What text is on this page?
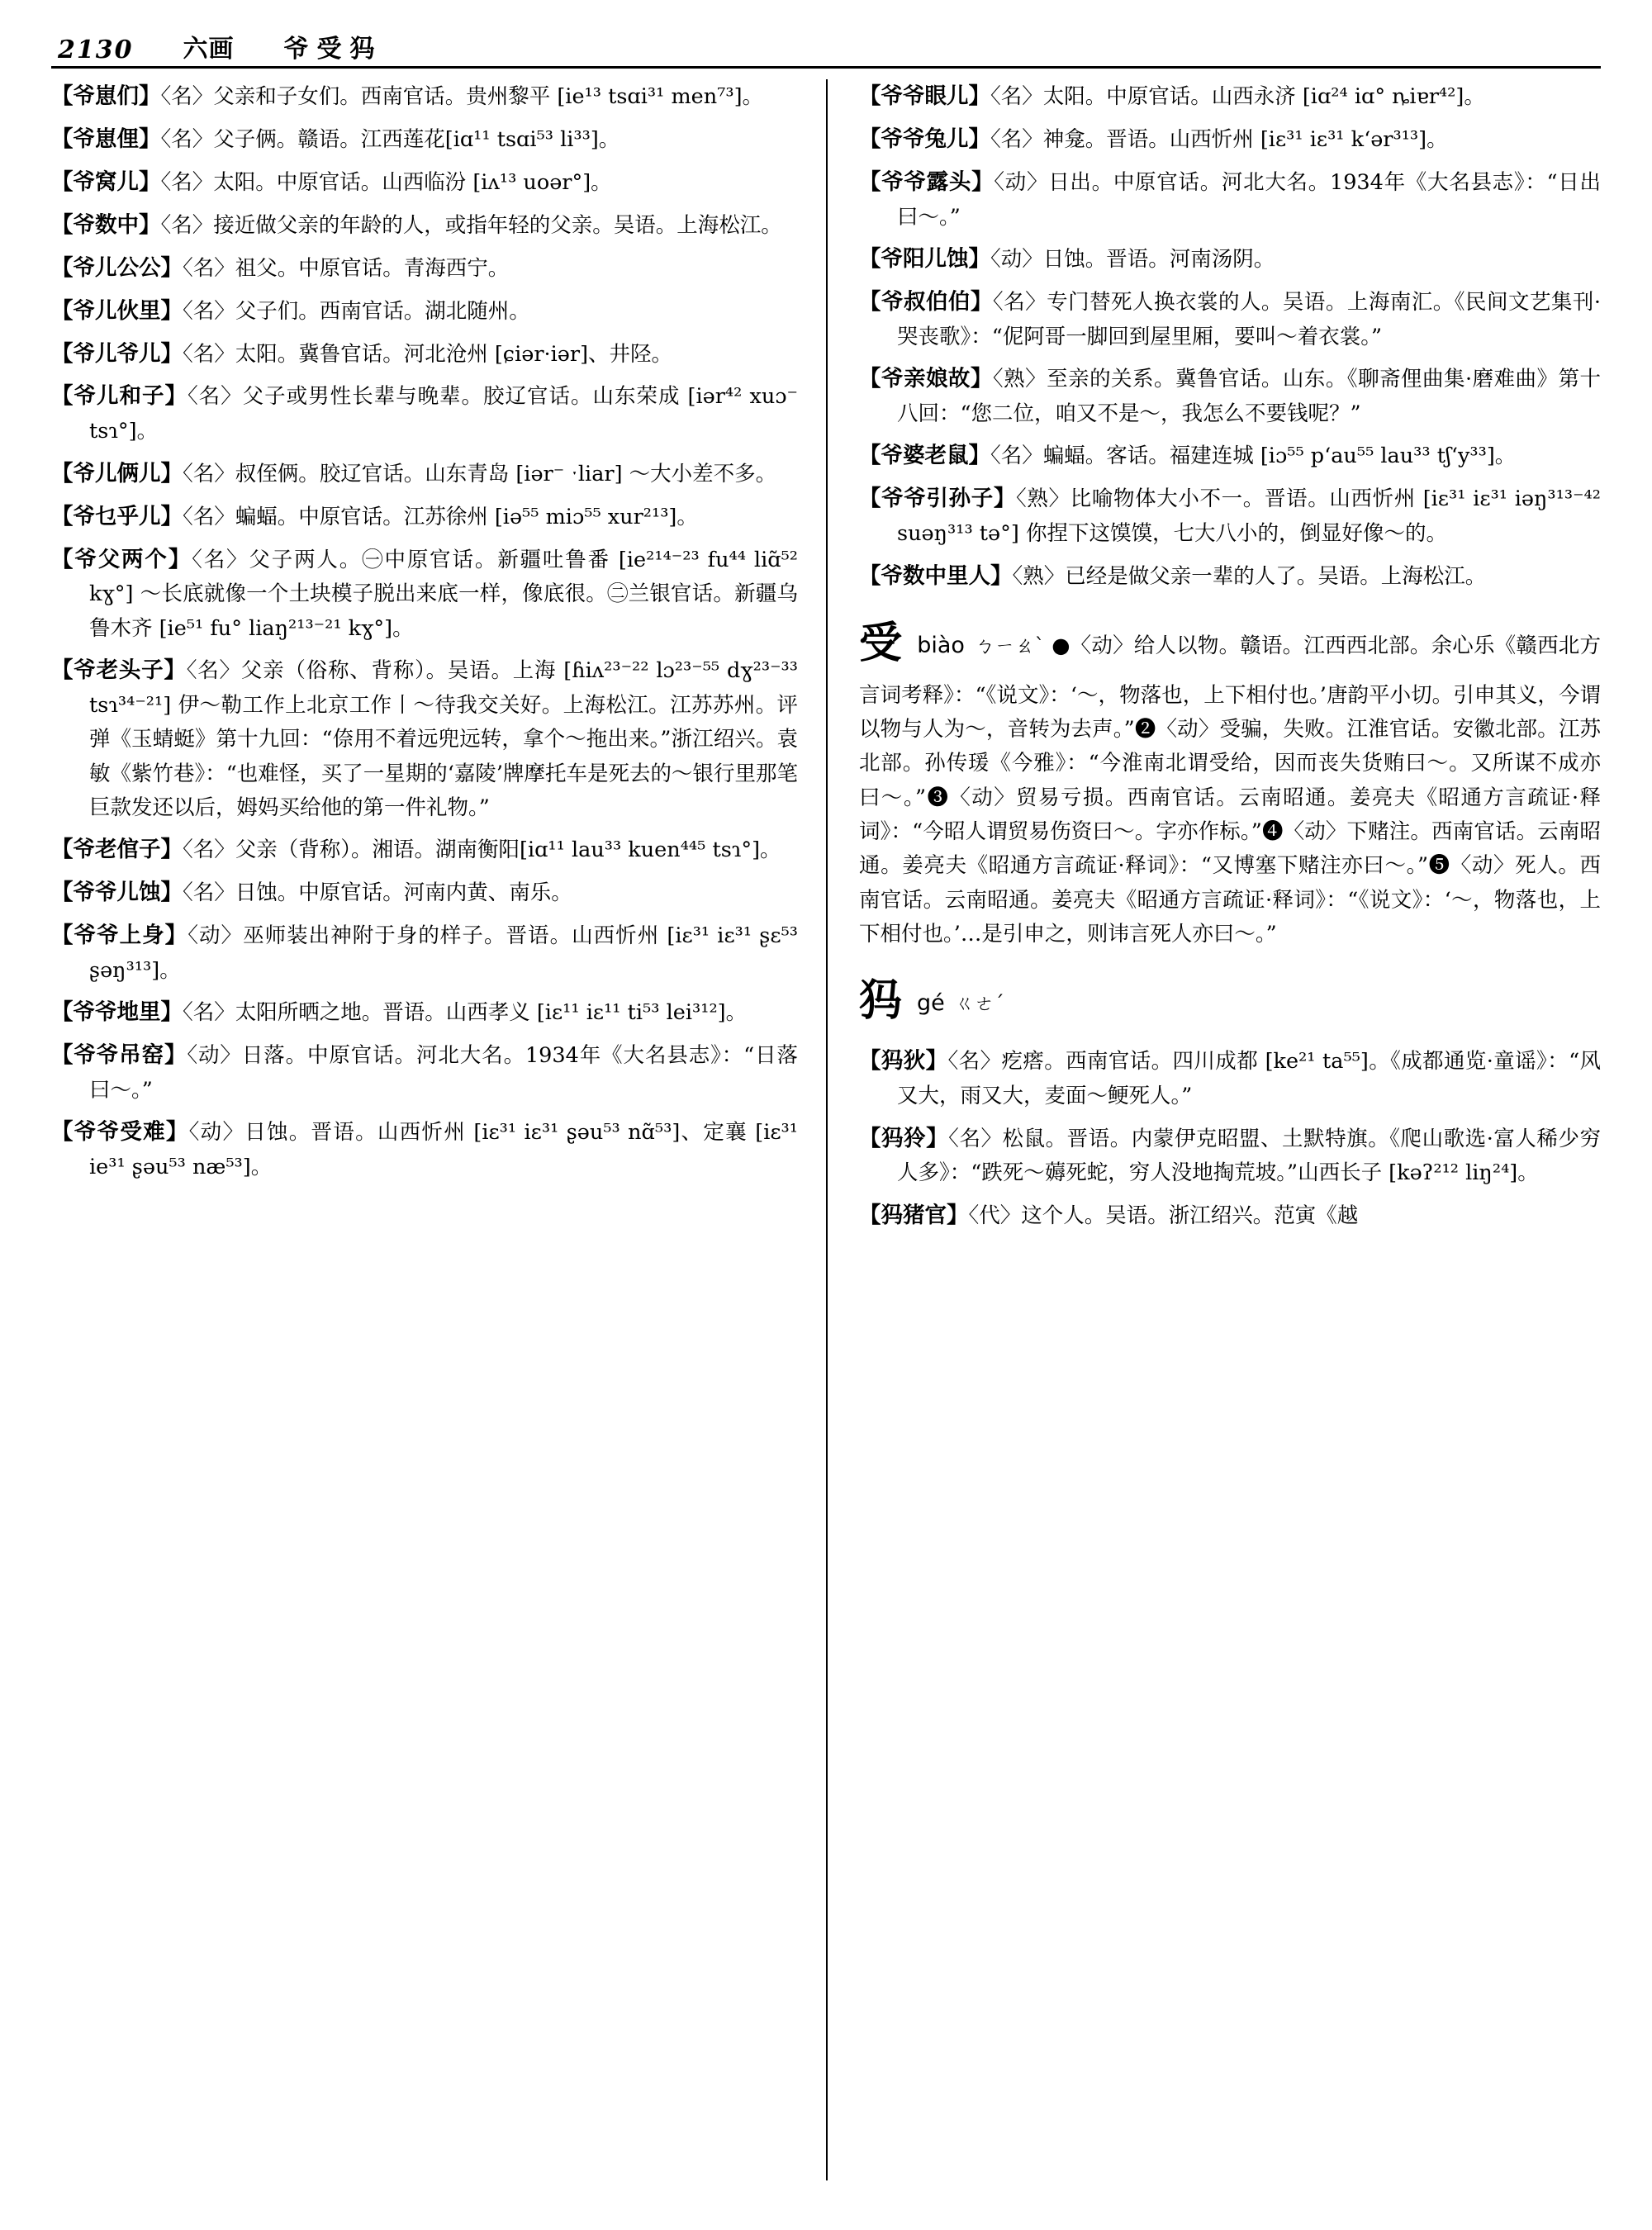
2130 六画 爷受犸
【爷崽们】〈名〉父亲和子女们。西南官话。贵州黎平 [ie¹³ tsɑi³¹ men⁷³]。
【爷崽俚】〈名〉父子俩。赣语。江西莲花[iɑ¹¹ tsɑi⁵³ li³³]。
【爷窝儿】〈名〉太阳。中原官话。山西临汾 [iʌ¹³ uoər°]。
【爷数中】〈名〉接近做父亲的年龄的人，或指年轻的父亲。吴语。上海松江。
【爷儿公公】〈名〉祖父。中原官话。青海西宁。
【爷儿伙里】〈名〉父子们。西南官话。湖北随州。
【爷儿爷儿】〈名〉太阳。冀鲁官话。河北沧州 [ɕiər·iər]、井陉。
【爷儿和子】〈名〉父子或男性长辈与晚辈。胶辽官话。山东荣成 [iər⁴² xuɔ⁻ tsɿ°]。
【爷儿俩儿】〈名〉叔侄俩。胶辽官话。山东青岛 [iər⁻ ˑliar] 〜大小差不多。
【爷乜乎儿】〈名〉蝙蝠。中原官话。江苏徐州 [iə⁵⁵ miɔ⁵⁵ xur²¹³]。
【爷父两个】〈名〉父子两人。㊀中原官话。新疆吐鲁番 [ie²¹⁴⁻²³ fu⁴⁴ liɑ̃⁵² kɣ°] 〜长底就像一个土块模子脱出来底一样，像底很。㊁兰银官话。新疆乌鲁木齐 [ie⁵¹ fu° liaŋ²¹³⁻²¹ kɣ°]。
【爷老头子】〈名〉父亲（俗称、背称）。吴语。上海 [ɦiʌ²³⁻²² lɔ²³⁻⁵⁵ dɣ²³⁻³³ tsɿ³⁴⁻²¹] 伊〜勒工作上北京工作丨〜待我交关好。上海松江。江苏苏州。评弹《玉蜻蜓》第十九回：“倷用不着远兜远转，拿个〜拖出来。”浙江绍兴。袁敏《紫竹巷》：“也难怪，买了一星期的‘嘉陵’牌摩托车是死去的〜银行里那笔巨款发还以后，姆妈买给他的第一件礼物。”
【爷老倌子】〈名〉父亲（背称）。湘语。湖南衡阳[iɑ¹¹ lau³³ kuen⁴⁴⁵ tsɿ°]。
【爷爷儿蚀】〈名〉日蚀。中原官话。河南内黄、南乐。
【爷爷上身】〈动〉巫师装出神附于身的样子。晋语。山西忻州 [iɛ³¹ iɛ³¹ ʂɛ⁵³ ʂəŋ³¹³]。
【爷爷地里】〈名〉太阳所晒之地。晋语。山西孝义 [iɛ¹¹ iɛ¹¹ ti⁵³ lei³¹²]。
【爷爷吊窑】〈动〉日落。中原官话。河北大名。1934年《大名县志》：“日落曰〜。”
【爷爷受难】〈动〉日蚀。晋语。山西忻州 [iɛ³¹ iɛ³¹ ʂəu⁵³ nɑ̃⁵³]、定襄 [iɛ³¹ ie³¹ ʂəu⁵³ næ⁵³]。
【爷爷眼儿】〈名〉太阳。中原官话。山西永济 [iɑ²⁴ iɑ° ȵiɐr⁴²]。
【爷爷兔儿】〈名〉神龛。晋语。山西忻州 [iɛ³¹ iɛ³¹ kʻər³¹³]。
【爷爷露头】〈动〉日出。中原官话。河北大名。1934年《大名县志》：“日出曰〜。”
【爷阳儿蚀】〈动〉日蚀。晋语。河南汤阴。
【爷叔伯伯】〈名〉专门替死人换衣裳的人。吴语。上海南汇。《民间文艺集刊·哭丧歌》：“伲阿哥一脚回到屋里厢，要叫〜着衣裳。”
【爷亲娘故】〈熟〉至亲的关系。冀鲁官话。山东。《聊斋俚曲集·磨难曲》第十八回：“您二位，咱又不是〜，我怎么不要钱呢？”
【爷婆老鼠】〈名〉蝙蝠。客话。福建连城 [iɔ⁵⁵ pʻau⁵⁵ lau³³ tʃʻy³³]。
【爷爷引孙子】〈熟〉比喻物体大小不一。晋语。山西忻州 [iɛ³¹ iɛ³¹ iəŋ³¹³⁻⁴² suəŋ³¹³ tə°] 你捏下这馍馍，七大八小的，倒显好像〜的。
【爷数中里人】〈熟〉已经是做父亲一辈的人了。吴语。上海松江。
受biào ㄅㄧㄠˋ ●〈动〉给人以物。赣语。江西西北部。余心乐《赣西北方言词考释》：“《说文》：‘〜，物落也，上下相付也。’唐韵平小切。引申其义，今谓以物与人为〜，音转为去声。”❷〈动〉受骗，失败。江淮官话。安徽北部。江苏北部。孙传瑗《今雅》：“今淮南北谓受给，因而丧失货贿曰〜。又所谋不成亦曰〜。”❸〈动〉贸易亏损。西南官话。云南昭通。姜亮夫《昭通方言疏证·释词》：“今昭人谓贸易伤资曰〜。字亦作标。”❹〈动〉下赌注。西南官话。云南昭通。姜亮夫《昭通方言疏证·释词》：“又博塞下赌注亦曰〜。”❺〈动〉死人。西南官话。云南昭通。姜亮夫《昭通方言疏证·释词》：“《说文》：‘〜，物落也，上下相付也。’…是引申之，则讳言死人亦曰〜。”
犸gé ㄍㄜˊ
【犸狄】〈名〉疙瘩。西南官话。四川成都 [ke²¹ ta⁵⁵]。《成都通览·童谣》：“风又大，雨又大，麦面〜鲠死人。”
【犸狑】〈名〉松鼠。晋语。内蒙伊克昭盟、土默特旗。《爬山歌选·富人稀少穷人多》：“跌死〜薅死蛇，穷人没地掏荒坡。”山西长子 [kəʔ²¹² liŋ²⁴]。
【犸猪官】〈代〉这个人。吴语。浙江绍兴。范寅《越
